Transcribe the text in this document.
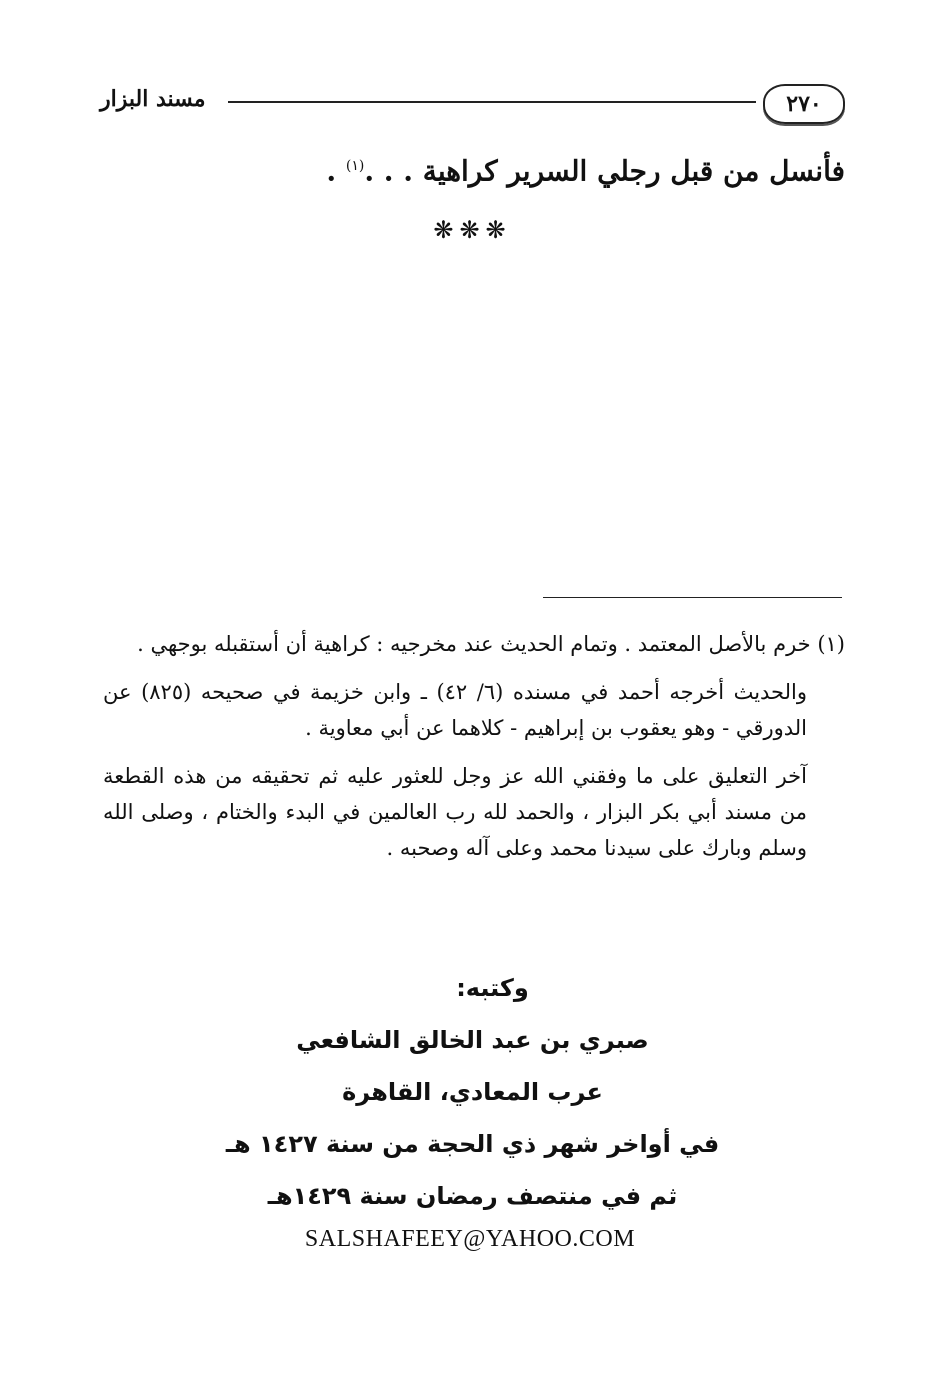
مسند البزار	٢٧٠
فأنسل من قبل رجلي السرير كراهية . . .$^{(١)}$ .
❋❋❋

(١) خرم بالأصل المعتمد . وتمام الحديث عند مخرجيه : كراهية أن أستقبله بوجهي .

والحديث أخرجه أحمد في مسنده (٦/ ٤٢) ـ وابن خزيمة في صحيحه (٨٢٥) عن الدورقي - وهو يعقوب بن إبراهيم - كلاهما عن أبي معاوية .

آخر التعليق على ما وفقني الله عز وجل للعثور عليه ثم تحقيقه من هذه القطعة من مسند أبي بكر البزار ، والحمد لله رب العالمين في البدء والختام ، وصلى الله وسلم وبارك على سيدنا محمد وعلى آله وصحبه .

وكتبه:
صبري بن عبد الخالق الشافعي
عرب المعادي، القاهرة
في أواخر شهر ذي الحجة من سنة ١٤٢٧ هـ
ثم في منتصف رمضان سنة ١٤٢٩هـ
SALSHAFEEY@YAHOO.COM
